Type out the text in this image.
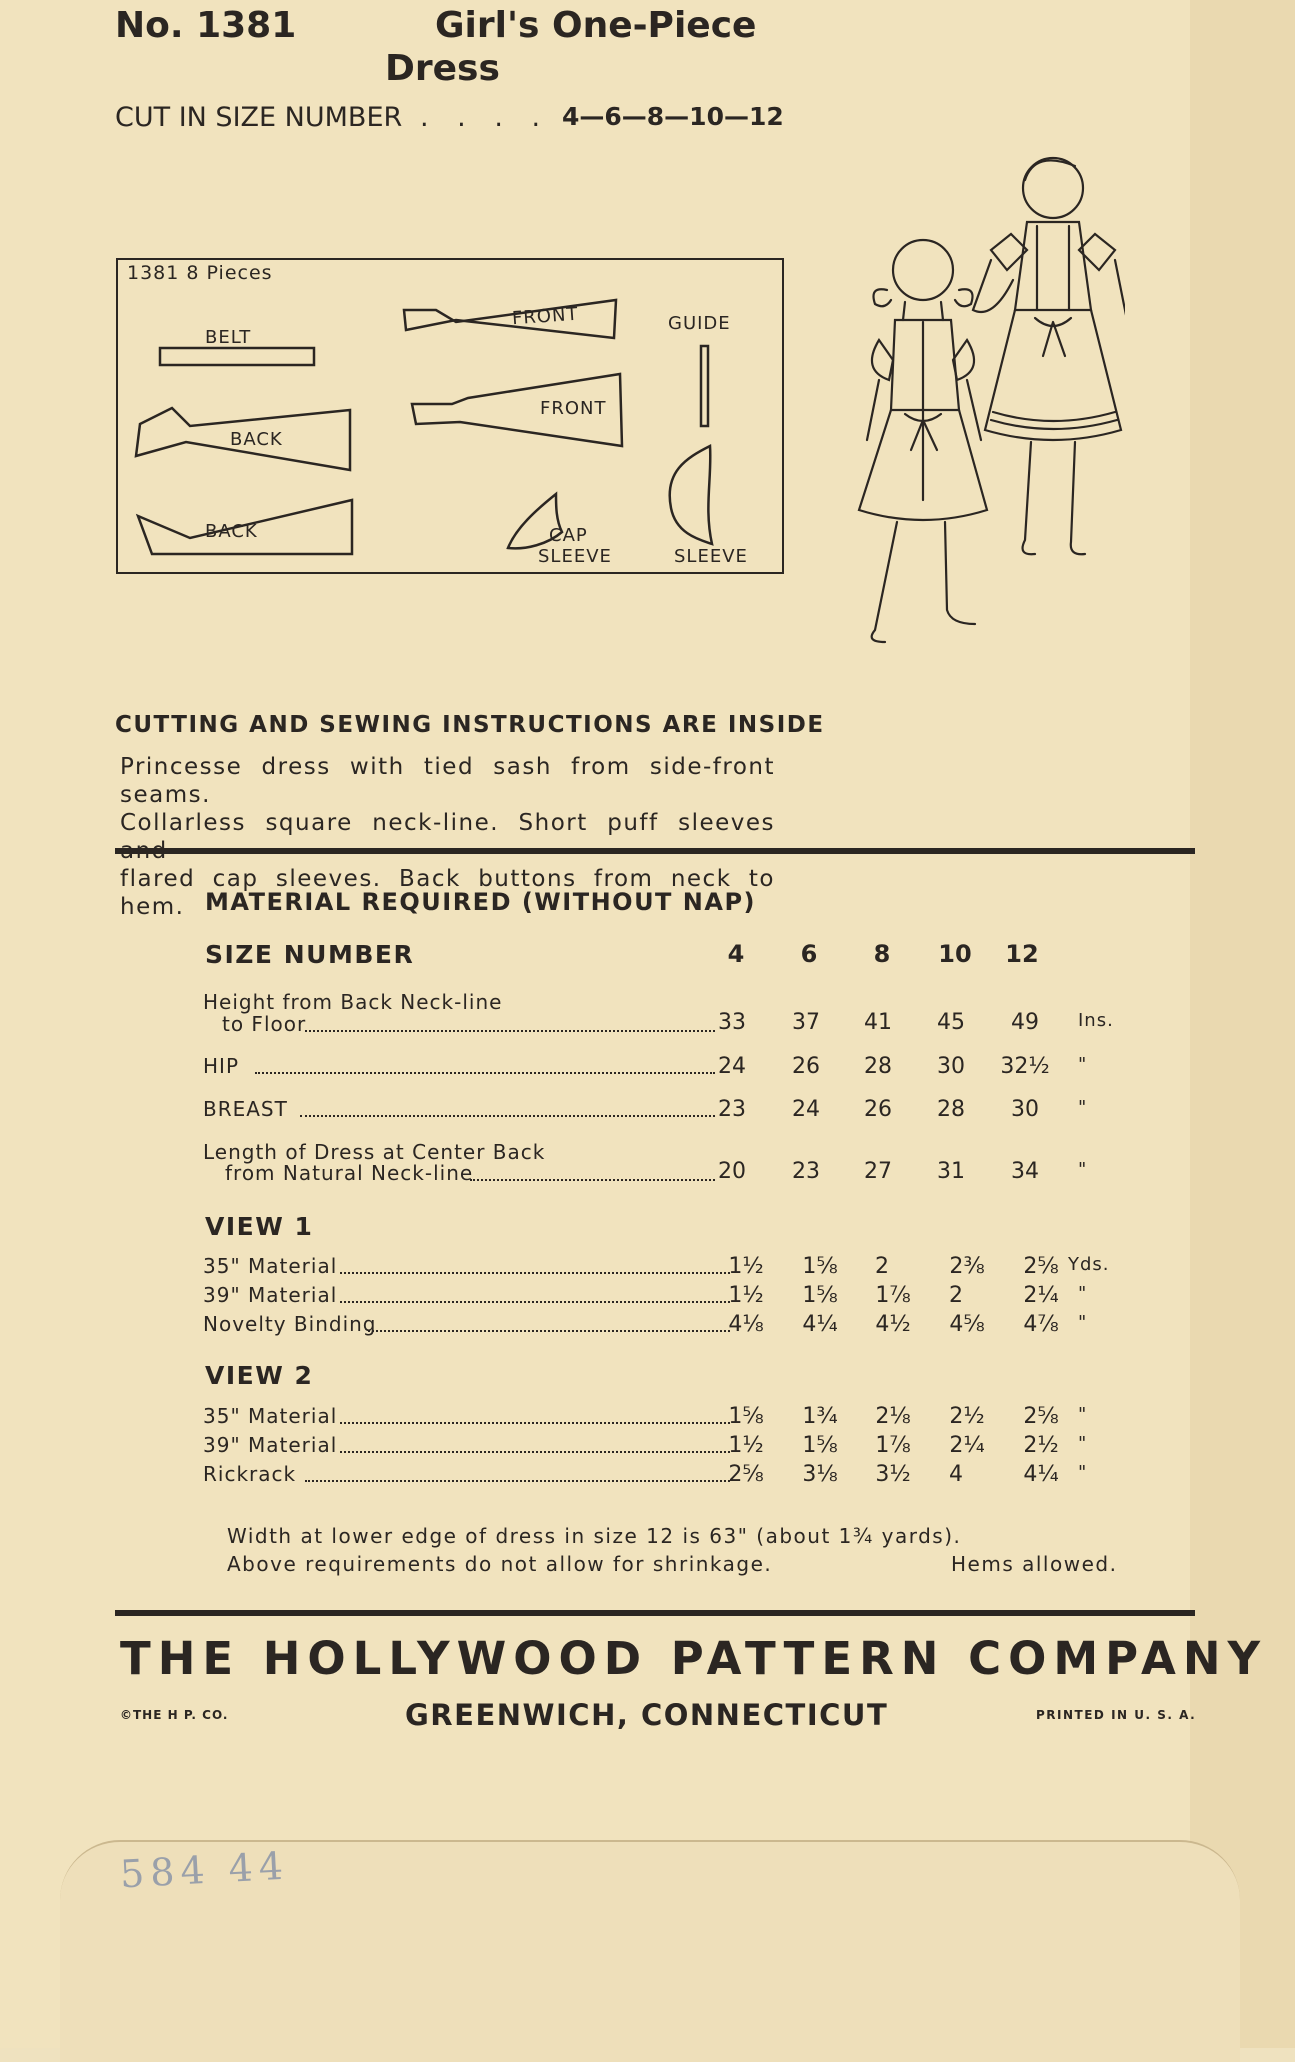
No. 1381	Girl's One-Piece
Dress
CUT IN SIZE NUMBER . . . . 4—6—8—10—12
1381 8 Pieces
BELT
BACK
BACK
FRONT
FRONT
GUIDE
CAP
SLEEVE	SLEEVE
CUTTING AND SEWING INSTRUCTIONS ARE INSIDE
Princesse dress with tied sash from side-front seams.
Collarless square neck-line. Short puff sleeves
flared cap sleeves. Back buttons from neck to hem. MATERIAL REQUIRED (WITHOUT NAP)
SIZE NUMBER	4	6	8	10	12
Height from Back Neck-line
to Floor	33	37	41	45	49	Ins.
HIP	24	26	28	30	32½	"
BREAST	23	24	26	28	30	"
Length of Dress at Center Back
from Natural Neck-line	20	23	27	31	34	"
VIEW 1
35" Material	1½	1⅝	2	2⅜	2⅝ Yds.
39" Material	1½	1⅝	1⅞	2	2¼	"
Novelty Binding	4⅛	4¼	4½	4⅝	4⅞	"
VIEW 2
35" Material	1⅝	1¾	2⅛	2½	2⅝	"
39" Material	1½	1⅝	1⅞	2¼	2½	"
Rickrack	2⅝	3⅛	3½	4	4¼	"
Width at lower edge of dress in size 12 is 63" (about 1¾ yards).
Above requirements do not allow for shrinkage.	Hems allowed.
THE HOLLYWOOD PATTERN COMPANY
©THE H P. CO.	GREENWICH, CONNECTICUT	PRINTED IN U. S. A.
584 44
